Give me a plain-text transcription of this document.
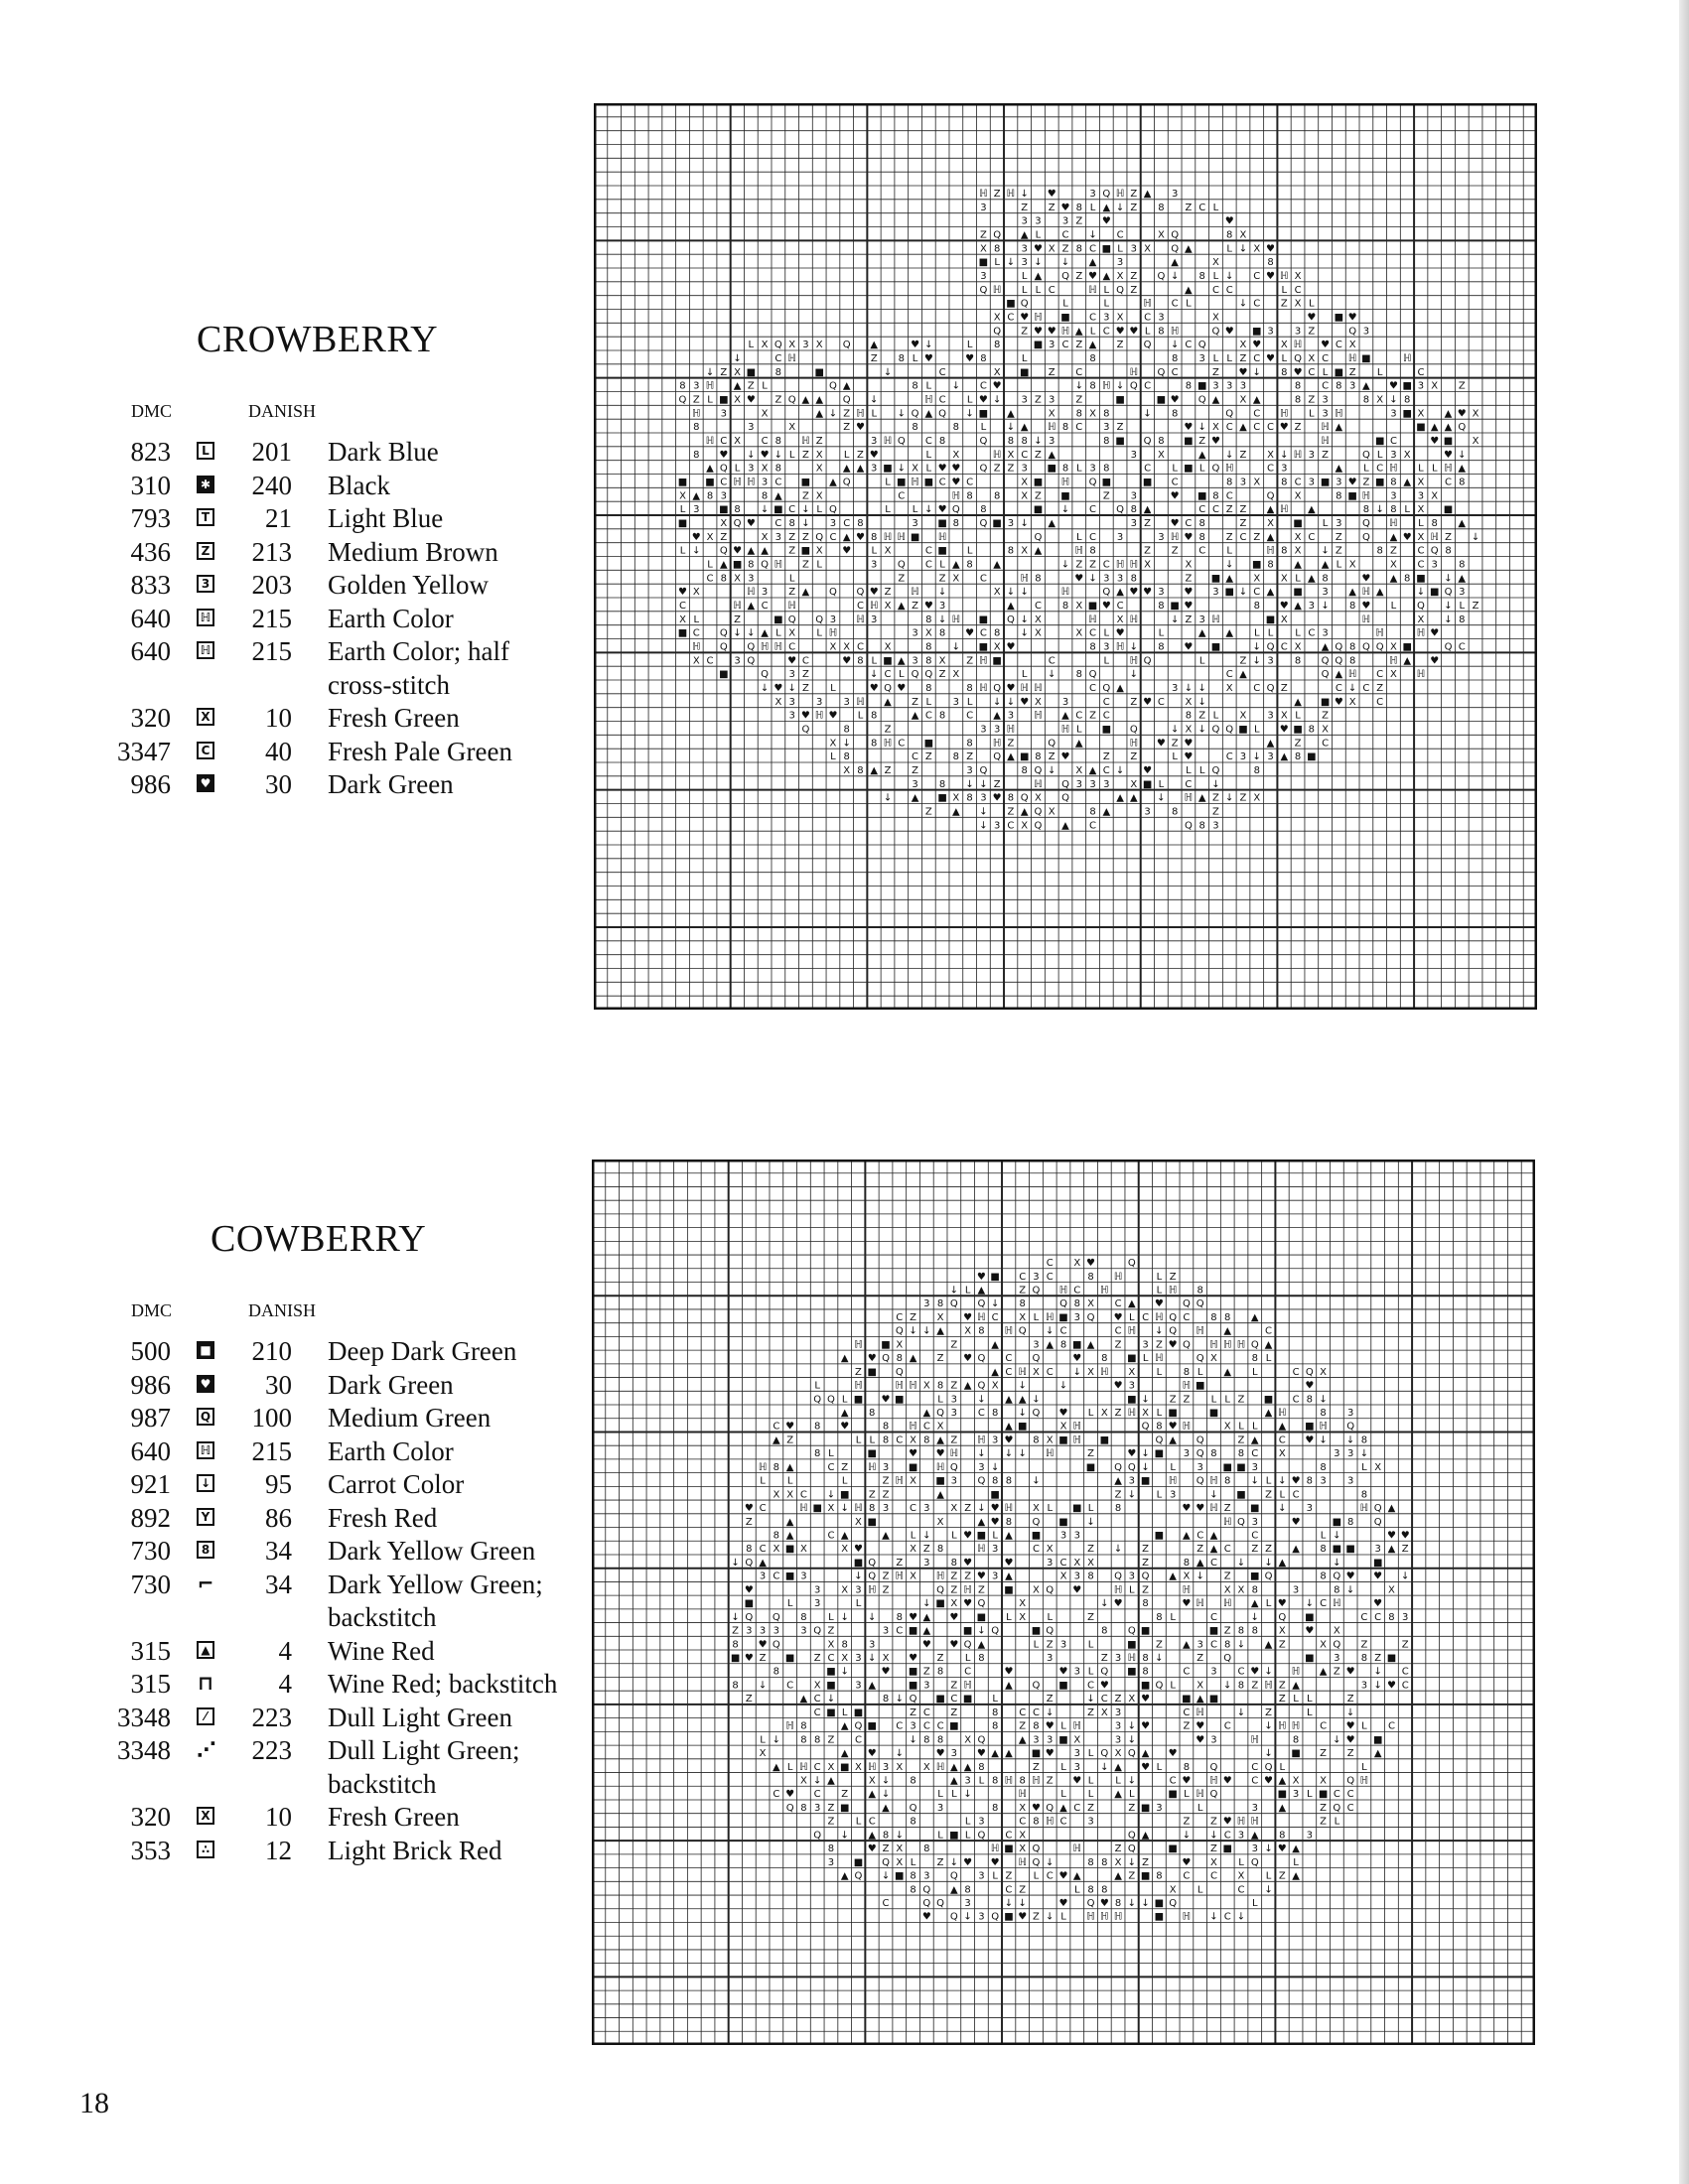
CROWBERRY
DMC	DANISH
823	L	201	Dark Blue
310	✱	240	Black
793	T	21	Light Blue
436	Z	213	Medium Brown
833	3	203	Golden Yellow
640	ℍ	215	Earth Color
640	ℍ	215	Earth Color; half cross-stitch
320	X	10	Fresh Green
3347	C	40	Fresh Pale Green
986	♥	30	Dark Green
COWBERRY
DMC	DANISH
500 ■	210	Deep Dark Green
986	♥	30	Dark Green
987	Q	100	Medium Green
640	ℍ	215	Earth Color
921	↓	95	Carrot Color
892	Y	86	Fresh Red
730	8	34	Dark Yellow Green
730 ⌐	34	Dark Yellow Green; backstitch
315	▲	4	Wine Red
315 ⊓	4	Wine Red; backstitch
3348	⁄	223	Dull Light Green
3348 ⋰	223	Dull Light Green; backstitch
320	X	10	Fresh Green
353	∴	12	Light Brick Red
ℍ Z ℍ ↓ ♥	3 Q ℍ Z ▲ 3
3	Z Z ♥ 8 L ▲ ↓ Z 8 Z C L
3 3 3 Z ♥	♥
Z Q ▲ L C ↓ C	X Q	8 X
X 8 3 ♥ X Z 8 C ■ L 3 X Q ▲	L ↓ X ♥
■ L ↓ 3 ↓ ↓ ▲ 3	▲	X	8
3	L ▲ Q Z ♥ ▲ X Z Q ↓ 8 L ↓ C ♥ ℍ X
Q ℍ L L C	ℍ L Q Z	▲ C C	L C
■ Q	L	L	ℍ C L	↓ C Z X L
X C ♥ ℍ ■ C 3 X C 3	X	♥ ■ ♥
Q Z ♥ ♥ ℍ ▲ L C ♥ ♥ L 8 ℍ	Q ♥ ■ 3 3 Z	Q 3
L X Q X 3 X Q ▲	♥ ↓	L 8	■ 3 C Z ▲ Z Q ↓ C Q	X ♥ X ℍ ♥ C X
↓	C ℍ	Z 8 L ♥	♥ 8	L	8	8 3 L L Z C ♥ L Q X C ℍ ■	ℍ
↓ Z X ■ 8	■	↓	C	X ■ Z C	ℍ Q C	Z ♥ ↓ 8 ♥ C L ■ Z L	C
8 3 ℍ ▲ Z L	Q ▲	8 L ↓ C ♥	↓ 8 ℍ ↓ Q C	8 ■ 3 3 3	8 C 8 3 ▲ ♥ ■ 3 X Z
Q Z L ■ X ♥ Z Q ▲ ▲ Q ↓	ℍ C L ♥ ↓ 3 Z 3 Z	■	■ ♥ Q ▲ X ▲	8 Z 3	8 X ↓ 8
ℍ 3	X	▲ ↓ Z ℍ L ↓ Q ▲ Q ↓ ■ ▲	X 8 X 8	↓ 8	Q C ℍ L 3 ℍ	3 ■ X ▲ ♥ X
8	3	X	Z ♥	8	8 L ↓ ▲ ℍ 8 C 3 Z	♥ ↓ X C ▲ C C ♥ Z ℍ ▲	■ ▲ ▲ Q
ℍ C X C 8 ℍ Z	3 ℍ Q C 8	Q 8 8 ↓ 3	8 ■ Q 8 ■ Z ♥	ℍ	■ C	♥ ■ X
8 ♥ ↓ ♥ ↓ L Z X L Z ♥	L X	ℍ X C Z ▲	3 X	▲ ↓ Z X ↓ ℍ 3 Z	Q L 3 X	♥ ↓
▲ Q L 3 X 8	X ▲ ▲ 3 ■ ↓ X L ♥ ♥ Q Z Z 3 ■ 8 L 3 8	C L ■ L Q ℍ	C 3	▲ L C ℍ L L ℍ ▲
■ ■ C ℍ ℍ 3 C ■ ▲ Q	L ■ ℍ ■ C ♥ C	X ■ ℍ Q ■	■ C	8 3 X 8 C 3 ■ 3 ♥ Z ■ 8 ▲ X C 8
X ▲ 8 3	8 ▲ Z X	C	ℍ 8 8 X Z ■	Z 3	♥ ■ 8 C	Q X	8 ■ ℍ 3 3 X
L 3 ■ 8 ↓ ■ C ↓ L Q	L L ↓ ♥ Q 8	■ ↓ C Q 8 ▲	C C Z Z ▲ ℍ ▲	8 ↓ 8 L X ■
■	X Q ♥ C 8 ↓ 3 C 8	3 ■ 8 Q ■ 3 ↓ ▲	3 Z ♥ C 8	Z X ■ L 3 Q ℍ L 8 ▲
♥ X Z	X 3 Z Z Q C ▲ ♥ 8 ℍ ℍ ■ ℍ	Q	L C 3	3 ℍ ♥ 8 Z C Z ▲ X C Z Q ▲ ♥ X ℍ Z ↓
L ↓ Q ♥ ▲ ▲ Z ■ X ♥ L X	C ■ L	8 X ▲	ℍ 8	Z Z C L	ℍ 8 X ↓ Z	8 Z C Q 8
L ▲ ■ 8 Q ℍ Z L	3 Q C L ▲ 8 ▲	↓ Z Z C ℍ ℍ X	X	↓ ■ 8 ▲ ▲ L X	X C 3 8
C 8 X 3	L	Z	Z X C	ℍ 8	♥ ↓ 3 3 8	Z ■ ▲ X X L ▲ 8	♥ ▲ 8 ■ ↓ ▲
♥ X	ℍ 3 Z ▲ Q Q ♥ Z ℍ ↓	X ↓ ↓	ℍ	Q ▲ ♥ ♥ 3 ♥ 3 ■ ↓ C ▲ ■ 3 ▲ ℍ ▲	↓ ■ Q 3
C	ℍ ▲ C ℍ	C ℍ X ▲ Z ♥ 3	▲ C 8 X ■ ♥ C	8 ■ ♥	8 ♥ ▲ 3 ↓ 8 ♥ L Q ↓ L Z
X L	Z	■ Q Q 3 ℍ 3	8 ↓ ℍ ■ Q ↓ X	ℍ X ℍ	↓ Z 3 ℍ	■ X	ℍ	X ↓ 8
■ C Q ↓ ↓ ▲ L X L ℍ	3 X 8 ♥ C 8 ↓ X	X C L ♥	L	▲ ▲ L L L C 3	ℍ	ℍ ♥
ℍ Q Q ℍ ℍ C	X X C X	8 ↓ ■ X ♥	8 3 ℍ ↓ 8 ♥ ■	↓ Q C X ▲ Q 8 Q Q X ■	Q C
X C 3 Q	♥ C	♥ 8 L ■ ▲ 3 8 X Z ℍ ■	C	L ℍ Q	L	Z ↓ 3 8 Q Q 8	ℍ ▲ ♥
■	Q 3 Z	↓ C L Q Q Z X	L ↓ 8 Q	↓	C ▲	Q ▲ ℍ C X ℍ
↓ ♥ ↓ Z L	♥ Q ♥ 8	8 ℍ Q ♥ ℍ ℍ	C Q ▲	3 ↓ ↓ X C Q Z	C ↓ C Z
X 3 3 3 ℍ ▲ Z L 3 L ↓ ↓ ♥ X 3	C Z ♥ C X ↓	▲ ■ ♥ X C
3 ♥ ℍ ♥ L 8	▲ C 8 C ▲ 3 ℍ ▲ C Z C	8 Z L X 3 X L Z
Q	8	Z	3 3 ℍ	ℍ L ■ Q	↓ X ↓ Q Q ■ L ♥ ■ 8 X
X ↓ 8 ℍ C ■	8 ℍ Z	Q ▲	ℍ ♥ Z ♥	▲ Z C
L 8	C Z 8 Z Q ▲ ■ 8 Z ♥	Z Z	L ♥	C 3 ↓ 3 ▲ 8 ■
X 8 ▲ Z Z	3 Q	8 Q ↓ X ▲ C ↓ ♥	L L Q	8
3 8 ↓ ↓ Z	ℍ Q 3 3 3 X ■ L C ↓
↓ ▲ ■ X 8 3 ♥ 8 Q X Q	▲ ▲ ↓ ℍ ▲ Z ↓ Z X
Z ▲ ↓ Z ▲ Q X	8 ▲	3 8	Z
↓ 3 C X Q ▲ C	Q 8 3
C X ♥	Q
♥ ■ C 3 C	8 ℍ	L Z
↓ L ▲	Z Q ℍ C ℍ	L ℍ 8
3 8 Q Q ↓ 8	Q 8 X C ▲ ♥ Q Q
C Z X ♥ ℍ C X L ℍ ■ 3 Q ♥ L C ℍ Q C 8 8 ▲
Q ↓ ↓ ▲ X 8 ℍ Q ↓ C	C ℍ ↓ Q ℍ ▲	C
ℍ ■ X	Z	▲	3 ▲ 8 ■ ▲ Z 3 Z ♥ Q ℍ ℍ ℍ Q ▲
▲ ♥ Q 8 ▲ Z ♥ Q C Q	♥ 8 ■ L ℍ	Q X	8 L
Z ■ Q	▲ C ℍ X C ↓ X ℍ X L 8 L ▲ L	C Q X
L	ℍ	ℍ ℍ X 8 Z ▲ Q X ↓	↓	♥ 3	ℍ ■	♥
Q Q L ■ ♥ ■	L 3 ↓ ▲ ▲ ↓	■ ↓ Z Z L L Z ■ C 8 ↓
▲ 8	▲ Q 3 C 8 ↓ Q ♥ L X Z ℍ X L ■	■	▲ ℍ	8 3
C ♥ 8 ♥	8 ℍ C X	▲ ■	X ℍ	Q 8 ♥ ℍ	X L L ▲ ■ ℍ Q
▲ Z	L L 8 C X 8 ▲ Z ℍ 3 ♥ 8 X ■ ℍ ■	Q ▲ Q	Z ▲ C ♥ ↓ ↓ 8
8 L	■	♥ ♥ ℍ ↓ ↓ ↓ ℍ	Z	♥ ↓ ■ 3 Q 8 8 C X	3 3 ↓
ℍ 8 ▲	C Z ℍ 3 ■ ℍ Q 3 ↓	■ Q Q ↓ L 3 ■ ■ 3	8	L X
L L	L	Z ℍ X ■ 3 Q 8 8 ↓	▲ 3 ■ ℍ Q ℍ 8 ↓ L ↓ ♥ 8 3 3
X X C ↓ ■ Z Z	▲	■	Z ↓ L 3	↓ ■ Z L C	8
♥ C	ℍ ■ X ↓ ℍ 8 3 C 3 X Z ↓ ♥ ℍ X L ■ L 8	♥ ♥ ℍ Z ■ ↓ 3	ℍ Q ▲
Z	▲	X ■	X	▲ ♥ 8 Q ■ ↓	ℍ Q 3	♥	■ 8 Q
8 ▲	C ▲	▲ L ↓ L ♥ ■ L ▲ ■ 3 3	■ ▲ C ▲	C	L ↓	♥ ♥
8 C X ■ X	X ♥	X Z 8	ℍ 3	C X	Z ↓ Z	Z ▲ C Z Z ▲ 8 ■ ■ 3 ▲ Z
↓ Q ▲	■ Q Z 3 8 ♥	♥	3 C X X	Z	8 ▲ C ↓ ↓ ▲	↓	■
3 C ■ 3	↓ Q Z ℍ X ℍ Z Z ♥ 3 ▲	X 3 8 Q 3 Q ▲ X ↓ Z ■ Q	8 Q ♥ ♥ ↓
♥	3 X 3 ℍ Z	Q Z ℍ Z ■ X Q ♥	ℍ L Z	ℍ	X X 8	3	8 ↓	X
■	L 3	L	↓ ■ X ♥ Q	X	↓ ♥ 8	♥ ℍ ℍ ▲ L ♥ ↓ C ℍ	♥
↓ Q Q 8 L ↓ ↓ 8 ♥ ▲ ♥ ■ L X L	Z	8 L	C	↓ Q ■	C C 8 3
Z 3 3 3 3 Q Z	3 C ■ ▲	■ ↓ Q	■ Q	8 Q ■	■ Z 8 8 X ♥ X
8 ♥ Q	X 8 3	♥ ♥ Q ▲	L Z 3 L	■ Z ▲ 3 C 8 ↓ ▲ Z	X Q Z	Z
■ ♥ Z ■ Z C X 3 ↓ X ♥ Z L 8	3	Z 3 ℍ 8 ↓	Z Q	■ 3 8 Z ■
8	■ ↓	♥ ■ Z 8 C	♥	♥ 3 L Q ■ 8	C 3 C ♥ ↓ ℍ ▲ Z ♥ ↓ C
8 ↓ C X ■ 3 ▲	■ 3 Z ℍ	▲ Q ■ C ♥	■ Q L X ↓ 8 Z ℍ Z ▲	3 ↓ ♥ C
Z	▲ C ↓	8 ↓ Q ■ C ■ L	Z	↓ C Z X ♥	■ ▲ ■	Z L L	Z
C ■ L ■	Z C Z	8 C C ↓	Z X 3	C ℍ	↓ Z	L	↓
ℍ 8	▲ Q ■ C 3 C C ■	8 Z 8 ♥ L ℍ	3 ↓ ♥	Z ♥ C	↓ ℍ ℍ C ♥ L C
L ↓ 8 8 Z C	↓ 8 8 X Q	▲ 3 3 ■ X	3 ↓	♥ 3	ℍ	8	↓ ♥ ■
X	▲ ♥ ↓	♥ 3 ♥ ▲ ▲ ■ ♥ 3 L Q X Q ▲ ♥	↓ ■ Z Z ▲
▲ L ℍ C X ■ X ℍ 3 X X ℍ ▲ ▲ 8	Z L 3 ↓ ▲ ♥ L 8 Q	C Q L	L
X ↓ ▲	X ↓ 8	▲ 3 L 8 ℍ 8 ℍ Z ♥ L L ↓	C ♥ ℍ ♥ C ♥ ▲ X X Q ℍ
C ♥ C Z ▲ ↓	L L ↓	ℍ	L L ▲ L	■ L ℍ Q	■ 3 L ■ C C
Q 8 3 Z ■	▲ Q 3	8 X ♥ Q ▲ C Z	Z ■ 3	L	3 ▲	Z Q C
Z L C	8	L 3	C 8 ℍ C 3	Z Z ♥ ℍ ℍ	Z L
Q ↓ ▲ 8 ↓	L ■ L Q C X	Q ▲	↓ ↓ C 3 ▲ 8 3
8	♥ Z X 8	ℍ ■ X Q	ℍ	Z Q	■	Z ■ 3 ↓ ♥ ▲
3 ■ Q X L Z ↓ ♥ ♥ ℍ Q ↓	8 8 X ↓ Z	♥ X L Q	L
▲ Q ↓ ■ 8 3 Q 3 L Z L C ♥ ▲	▲ Z ■ 8 C C X L Z ▲
8 Q ▲ 8	C Z	L 8 8	X L	C ↓
C	Q Q 3	↓ ↓	♥ Q ♥ 8 ↓ ↓ ■ Q	L
♥ Q ↓ 3 Q ■ ♥ Z ↓ L ℍ ℍ ℍ	■ ℍ ↓ C ↓
18
